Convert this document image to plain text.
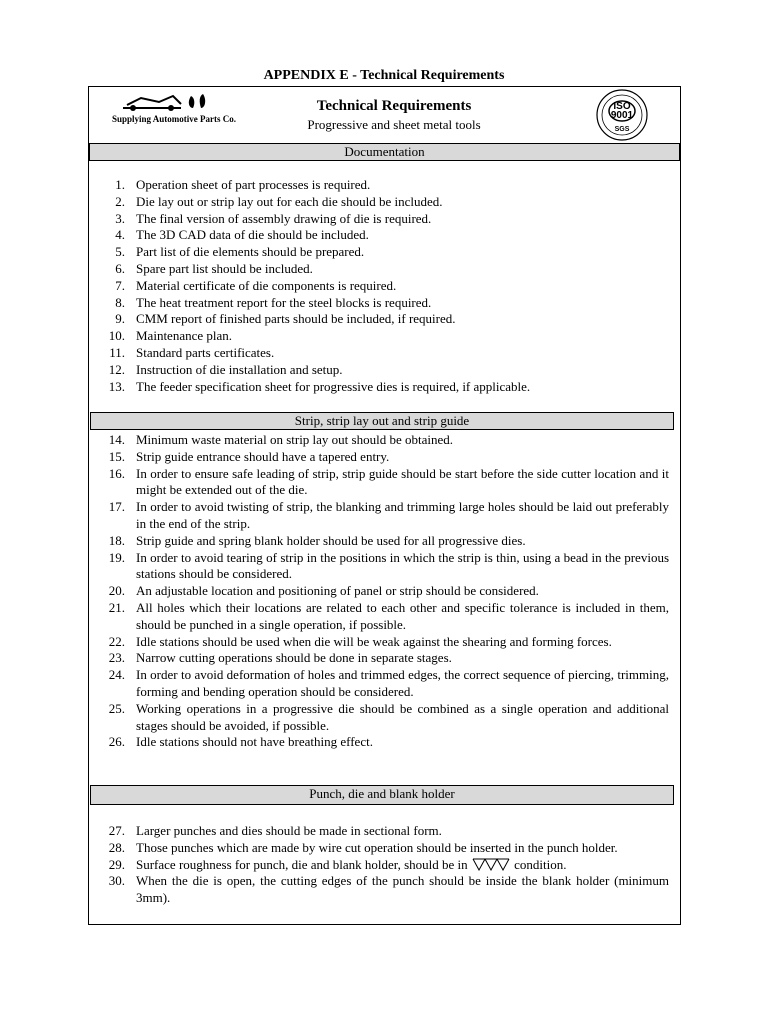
APPENDIX E - Technical Requirements
Supplying Automotive Parts Co.
Technical Requirements
Progressive and sheet metal tools
ISO
9001
SGS
Documentation
1. Operation sheet of part processes is required.
2. Die lay out or strip lay out for each die should be included.
3. The final version of assembly drawing of die is required.
4. The 3D CAD data of die should be included.
5. Part list of die elements should be prepared.
6. Spare part list should be included.
7. Material certificate of die components is required.
8. The heat treatment report for the steel blocks is required.
9. CMM report of finished parts should be included, if required.
10. Maintenance plan.
11. Standard parts certificates.
12. Instruction of die installation and setup.
13. The feeder specification sheet for progressive dies is required, if applicable.
Strip, strip lay out and strip guide
14. Minimum waste material on strip lay out should be obtained.
15. Strip guide entrance should have a tapered entry.
16. In order to ensure safe leading of strip, strip guide should be start before the side cutter location and it might be extended out of the die.
17. In order to avoid twisting of strip, the blanking and trimming large holes should be laid out preferably in the end of the strip.
18. Strip guide and spring blank holder should be used for all progressive dies.
19. In order to avoid tearing of strip in the positions in which the strip is thin, using a bead in the previous stations should be considered.
20. An adjustable location and positioning of panel or strip should be considered.
21. All holes which their locations are related to each other and specific tolerance is included in them, should be punched in a single operation, if possible.
22. Idle stations should be used when die will be weak against the shearing and forming forces.
23. Narrow cutting operations should be done in separate stages.
24. In order to avoid deformation of holes and trimmed edges, the correct sequence of piercing, trimming, forming and bending operation should be considered.
25. Working operations in a progressive die should be combined as a single operation and additional stages should be avoided, if possible.
26. Idle stations should not have breathing effect.
Punch, die and blank holder
27. Larger punches and dies should be made in sectional form.
28. Those punches which are made by wire cut operation should be inserted in the punch holder.
29. Surface roughness for punch, die and blank holder, should be in	condition.
30. When the die is open, the cutting edges of the punch should be inside the blank holder (minimum 3mm).
